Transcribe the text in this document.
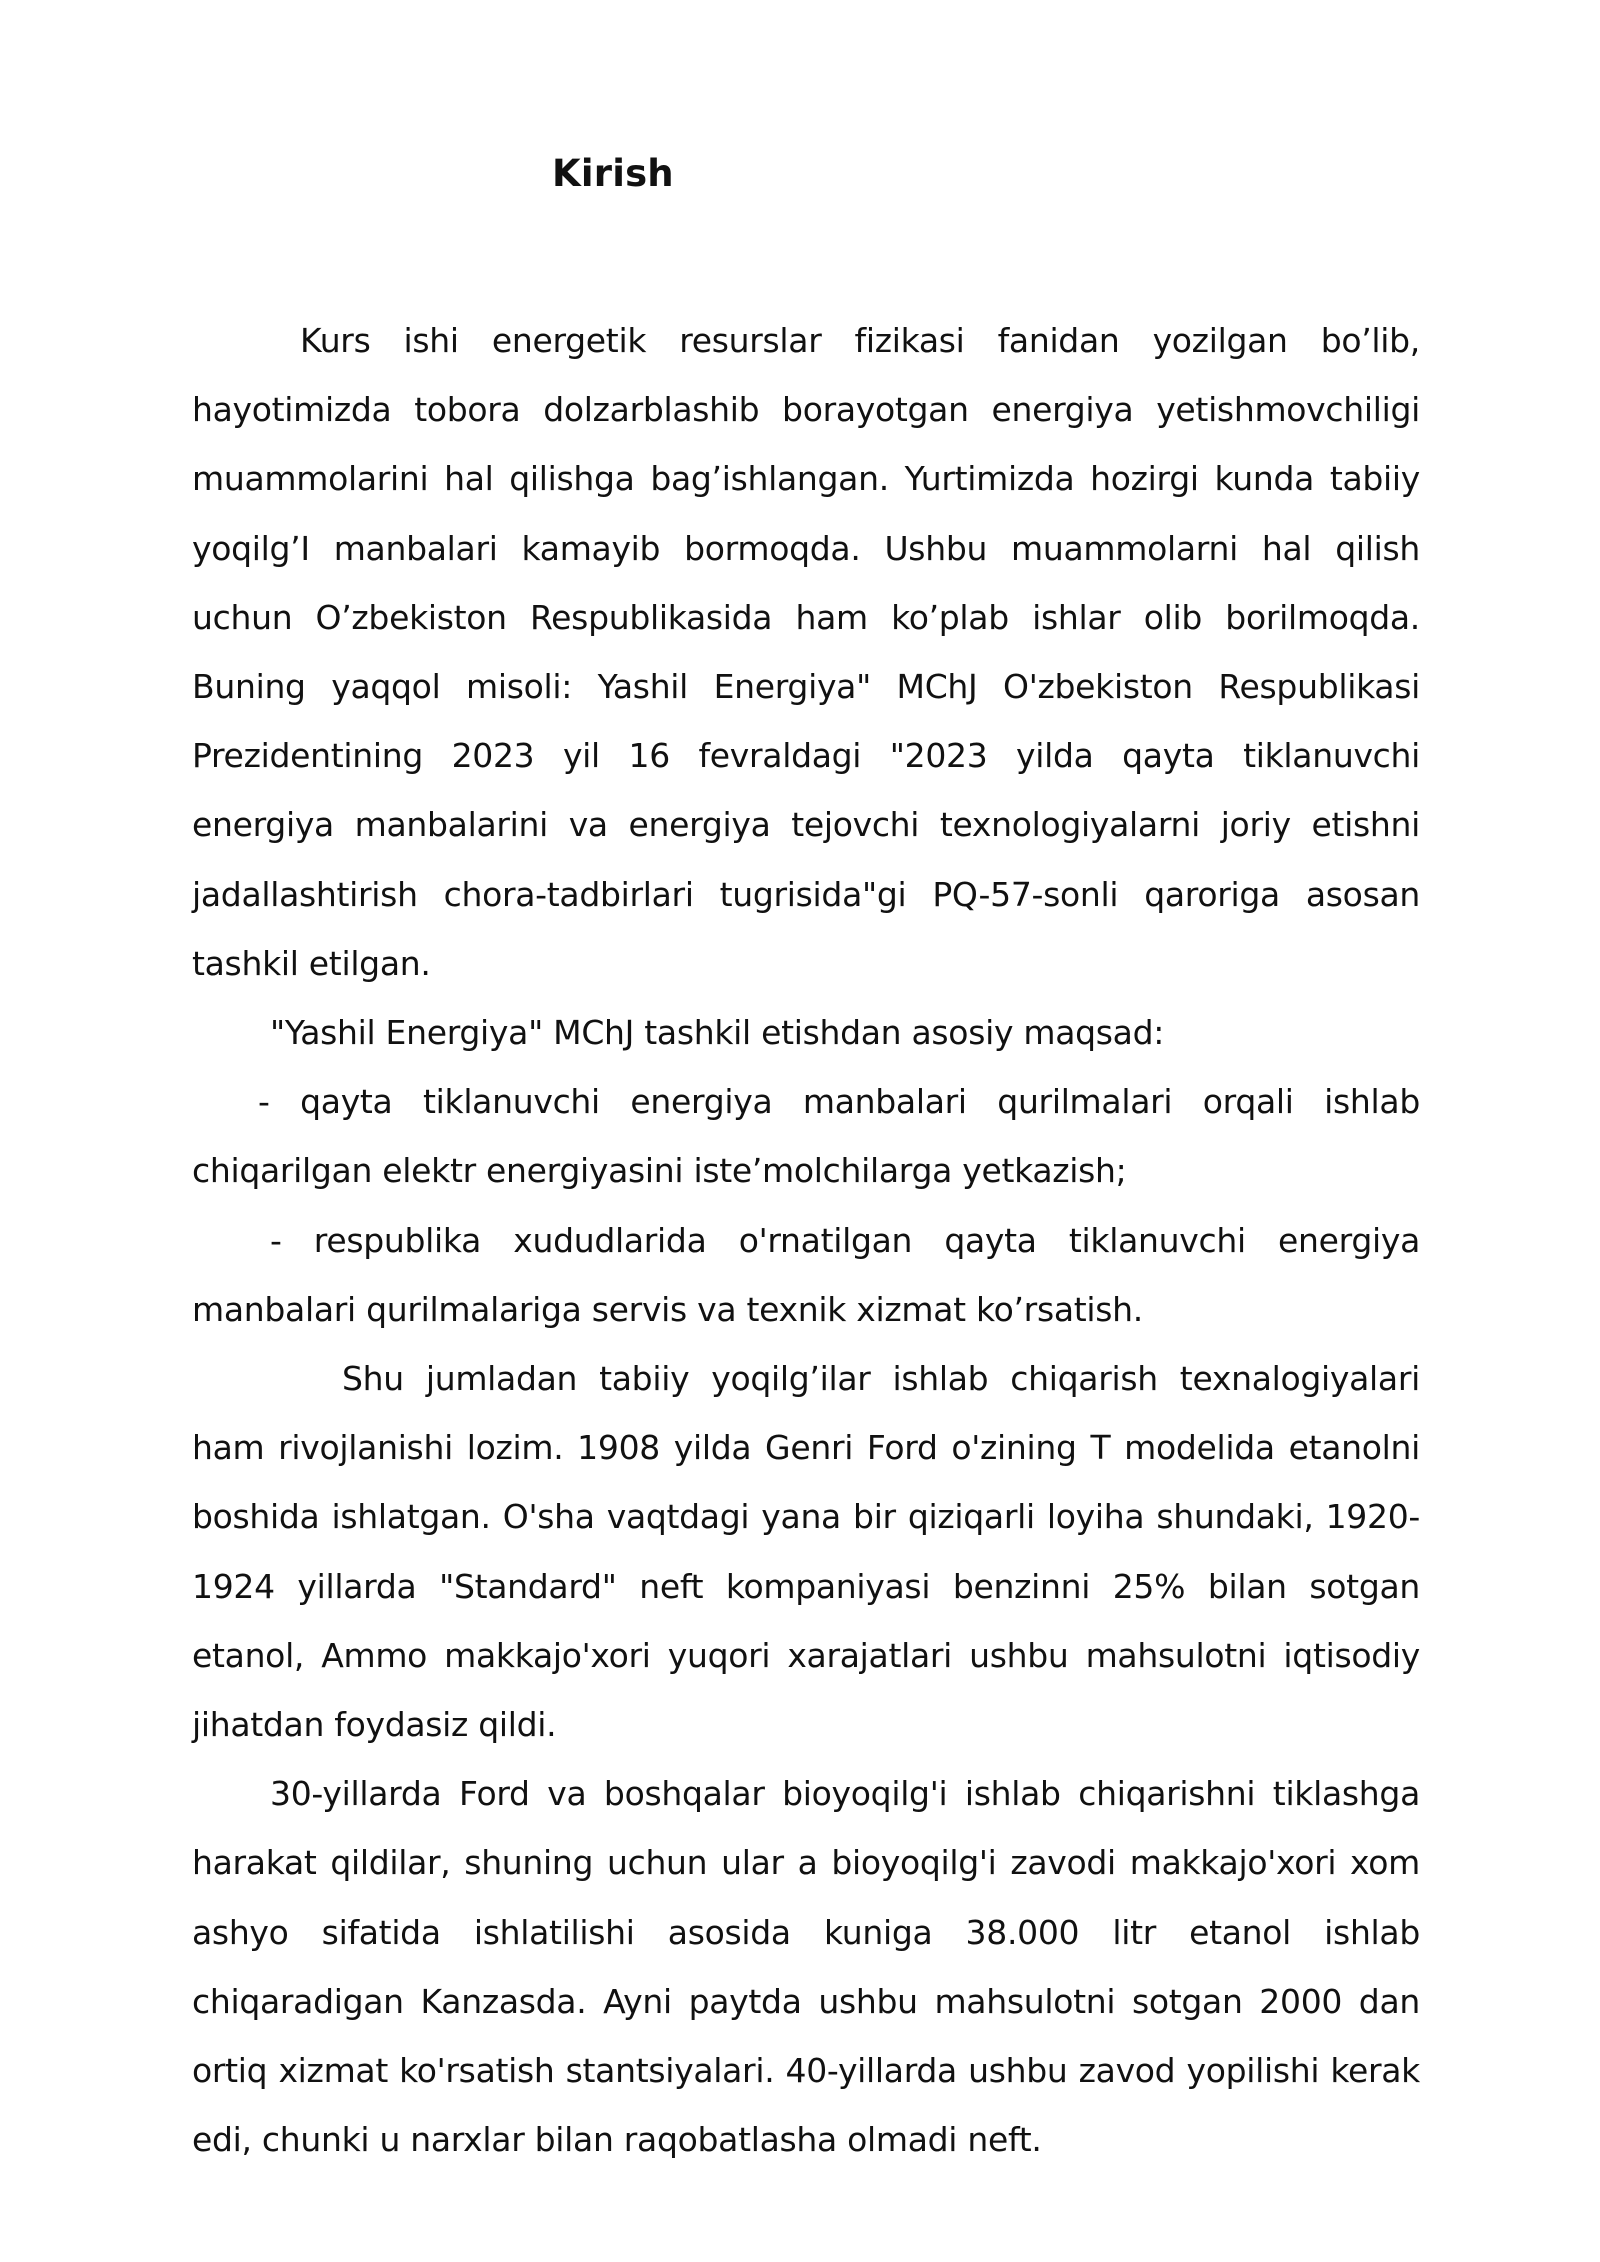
Kirish

Kurs ishi energetik resurslar fizikasi fanidan yozilgan bo’lib, hayotimizda tobora dolzarblashib borayotgan energiya yetishmovchiligi muammolarini hal qilishga bag’ishlangan. Yurtimizda hozirgi kunda tabiiy yoqilg’I manbalari kamayib bormoqda. Ushbu muammolarni hal qilish uchun O’zbekiston Respublikasida ham ko’plab ishlar olib borilmoqda. Buning yaqqol misoli: Yashil Energiya" MChJ O'zbekiston Respublikasi Prezidentining 2023 yil 16 fevraldagi "2023 yilda qayta tiklanuvchi energiya manbalarini va energiya tejovchi texnologiyalarni joriy etishni jadallashtirish chora-tadbirlari tugrisida"gi PQ-57-sonli qaroriga asosan tashkil etilgan.

"Yashil Energiya" MChJ tashkil etishdan asosiy maqsad:

- qayta tiklanuvchi energiya manbalari qurilmalari orqali ishlab chiqarilgan elektr energiyasini iste’molchilarga yetkazish;

- respublika xududlarida o'rnatilgan qayta tiklanuvchi energiya manbalari qurilmalariga servis va texnik xizmat ko’rsatish.

Shu jumladan tabiiy yoqilg’ilar ishlab chiqarish texnalogiyalari ham rivojlanishi lozim. 1908 yilda Genri Ford o'zining T modelida etanolni boshida ishlatgan. O'sha vaqtdagi yana bir qiziqarli loyiha shundaki, 1920-1924 yillarda "Standard" neft kompaniyasi benzinni 25% bilan sotgan etanol, Ammo makkajo'xori yuqori xarajatlari ushbu mahsulotni iqtisodiy jihatdan foydasiz qildi.

30-yillarda Ford va boshqalar bioyoqilg'i ishlab chiqarishni tiklashga harakat qildilar, shuning uchun ular a bioyoqilg'i zavodi makkajo'xori xom ashyo sifatida ishlatilishi asosida kuniga 38.000 litr etanol ishlab chiqaradigan Kanzasda. Ayni paytda ushbu mahsulotni sotgan 2000 dan ortiq xizmat ko'rsatish stantsiyalari. 40-yillarda ushbu zavod yopilishi kerak edi, chunki u narxlar bilan raqobatlasha olmadi neft.
